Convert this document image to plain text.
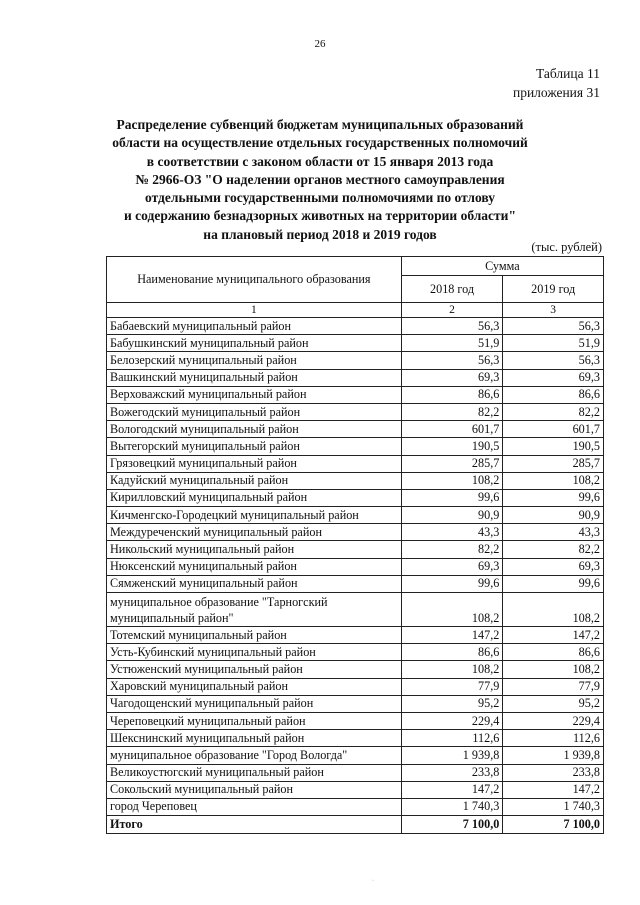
26
Таблица 11
приложения 31
Распределение субвенций бюджетам муниципальных образований
области на осуществление отдельных государственных полномочий
в соответствии с законом области от 15 января 2013 года
№ 2966-ОЗ "О наделении органов местного самоуправления
отдельными государственными полномочиями по отлову
и содержанию безнадзорных животных на территории области"
на плановый период 2018 и 2019 годов
(тыс. рублей)
Наименование муниципального образования	Сумма	
	2018 год	2019 год
1	2	3
Бабаевский муниципальный район	56,3	56,3
Бабушкинский муниципальный район	51,9	51,9
Белозерский муниципальный район	56,3	56,3
Вашкинский муниципальный район	69,3	69,3
Верховажский муниципальный район	86,6	86,6
Вожегодский муниципальный район	82,2	82,2
Вологодский муниципальный район	601,7	601,7
Вытегорский муниципальный район	190,5	190,5
Грязовецкий муниципальный район	285,7	285,7
Кадуйский муниципальный район	108,2	108,2
Кирилловский муниципальный район	99,6	99,6
Кичменгско-Городецкий муниципальный район	90,9	90,9
Междуреченский муниципальный район	43,3	43,3
Никольский муниципальный район	82,2	82,2
Нюксенский муниципальный район	69,3	69,3
Сямженский муниципальный район	99,6	99,6
муниципальное образование "Тарногский муниципальный район"	108,2	108,2
Тотемский муниципальный район	147,2	147,2
Усть-Кубинский муниципальный район	86,6	86,6
Устюженский муниципальный район	108,2	108,2
Харовский муниципальный район	77,9	77,9
Чагодощенский муниципальный район	95,2	95,2
Череповецкий муниципальный район	229,4	229,4
Шекснинский муниципальный район	112,6	112,6
муниципальное образование "Город Вологда"	1 939,8	1 939,8
Великоустюгский муниципальный район	233,8	233,8
Сокольский муниципальный район	147,2	147,2
город Череповец	1 740,3	1 740,3
Итого	7 100,0	7 100,0
·
